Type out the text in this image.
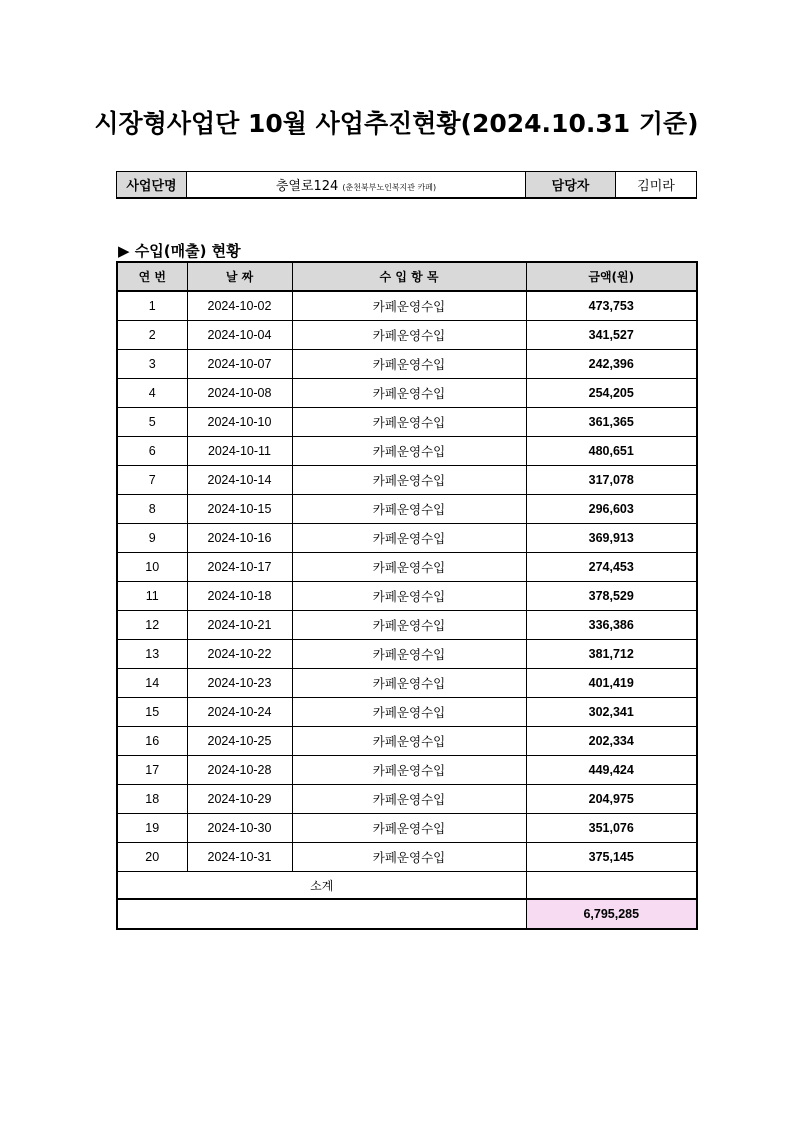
시장형사업단 10월 사업추진현황(2024.10.31 기준)
사업단명	충열로124 (춘천북부노인복지관 카페)	담당자	김미라
▶ 수입(매출) 현황
연 번	날 짜	수 입 항 목	금액(원)
1	2024-10-02	카페운영수입	473,753
2	2024-10-04	카페운영수입	341,527
3	2024-10-07	카페운영수입	242,396
4	2024-10-08	카페운영수입	254,205
5	2024-10-10	카페운영수입	361,365
6	2024-10-11	카페운영수입	480,651
7	2024-10-14	카페운영수입	317,078
8	2024-10-15	카페운영수입	296,603
9	2024-10-16	카페운영수입	369,913
10	2024-10-17	카페운영수입	274,453
11	2024-10-18	카페운영수입	378,529
12	2024-10-21	카페운영수입	336,386
13	2024-10-22	카페운영수입	381,712
14	2024-10-23	카페운영수입	401,419
15	2024-10-24	카페운영수입	302,341
16	2024-10-25	카페운영수입	202,334
17	2024-10-28	카페운영수입	449,424
18	2024-10-29	카페운영수입	204,975
19	2024-10-30	카페운영수입	351,076
20	2024-10-31	카페운영수입	375,145
소계			
			6,795,285
